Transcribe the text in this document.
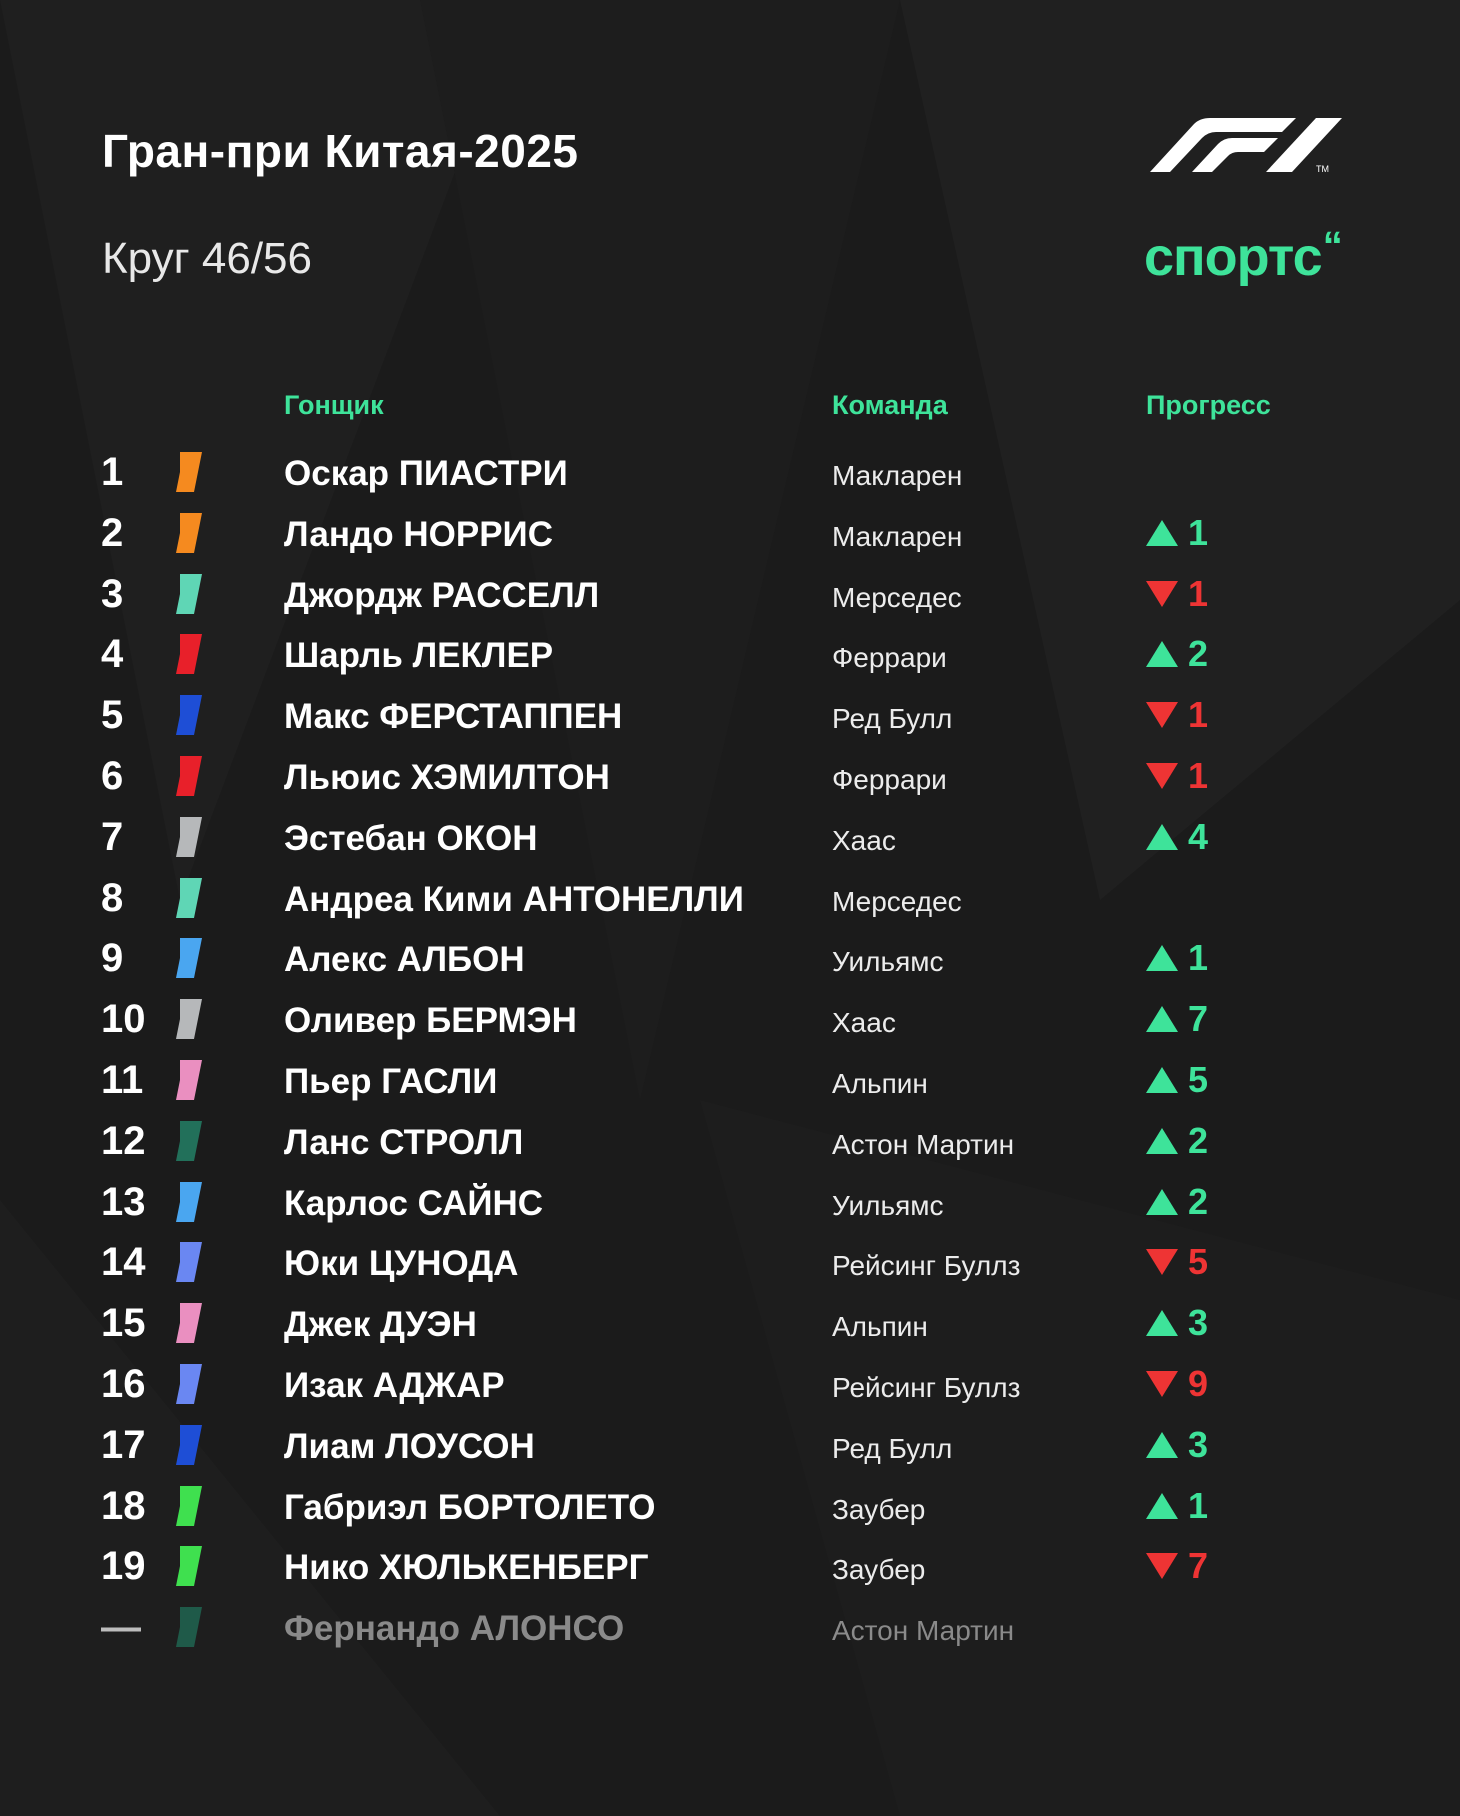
Гран-при Китая-2025
Круг 46/56
TM
спортс“
Гонщик	Команда	Прогресс
1	Оскар ПИАСТРИ	Макларен
2	Ландо НОРРИС	Макларен	1
3	Джордж РАССЕЛЛ	Мерседес	1
4	Шарль ЛЕКЛЕР	Феррари	2
5	Макс ФЕРСТАППЕН	Ред Булл	1
6	Льюис ХЭМИЛТОН	Феррари	1
7	Эстебан ОКОН	Хаас	4
8	Андреа Кими АНТОНЕЛЛИ	Мерседес
9	Алекс АЛБОН	Уильямс	1
10	Оливер БЕРМЭН	Хаас	7
11	Пьер ГАСЛИ	Альпин	5
12	Ланс СТРОЛЛ	Астон Мартин	2
13	Карлос САЙНС	Уильямс	2
14	Юки ЦУНОДА	Рейсинг Буллз	5
15	Джек ДУЭН	Альпин	3
16	Изак АДЖАР	Рейсинг Буллз	9
17	Лиам ЛОУСОН	Ред Булл	3
18	Габриэл БОРТОЛЕТО	Заубер	1
19	Нико ХЮЛЬКЕНБЕРГ	Заубер	7
—	Фернандо АЛОНСО	Астон Мартин
